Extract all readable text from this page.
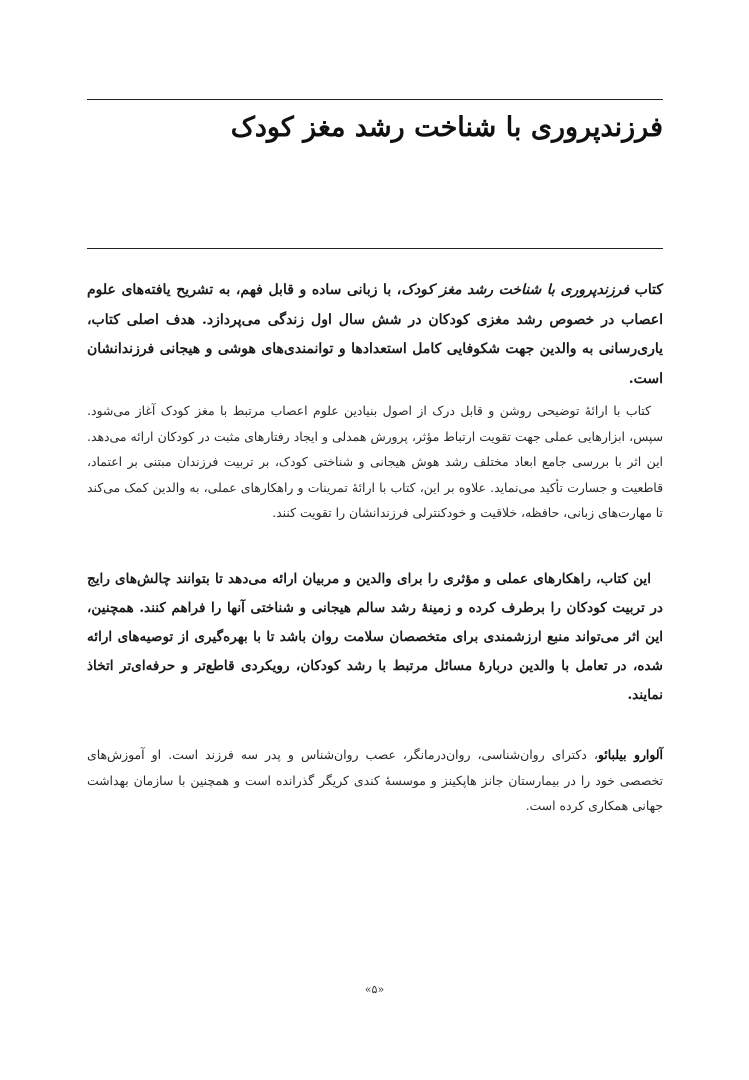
فرزندپروری با شناخت رشد مغز کودک

کتاب فرزندپروری با شناخت رشد مغز کودک، با زبانی ساده و قابل فهم، به تشریح یافته‌های علوم اعصاب در خصوص رشد مغزی کودکان در شش سال اول زندگی می‌پردازد. هدف اصلی کتاب، یاری‌رسانی به والدین جهت شکوفایی کامل استعدادها و توانمندی‌های هوشی و هیجانی فرزندانشان است.

کتاب با ارائهٔ توضیحی روشن و قابل درک از اصول بنیادین علوم اعصاب مرتبط با مغز کودک آغاز می‌شود. سپس، ابزارهایی عملی جهت تقویت ارتباط مؤثر، پرورش همدلی و ایجاد رفتارهای مثبت در کودکان ارائه می‌دهد. این اثر با بررسی جامع ابعاد مختلف رشد هوش هیجانی و شناختی کودک، بر تربیت فرزندان مبتنی بر اعتماد، قاطعیت و جسارت تأکید می‌نماید. علاوه بر این، کتاب با ارائهٔ تمرینات و راهکارهای عملی، به والدین کمک می‌کند تا مهارت‌های زبانی، حافظه، خلاقیت و خودکنترلی فرزندانشان را تقویت کنند.

این کتاب، راهکارهای عملی و مؤثری را برای والدین و مربیان ارائه می‌دهد تا بتوانند چالش‌های رایج در تربیت کودکان را برطرف کرده و زمینهٔ رشد سالم هیجانی و شناختی آنها را فراهم کنند. همچنین، این اثر می‌تواند منبع ارزشمندی برای متخصصان سلامت روان باشد تا با بهره‌گیری از توصیه‌های ارائه شده، در تعامل با والدین دربارهٔ مسائل مرتبط با رشد کودکان، رویکردی قاطع‌تر و حرفه‌ای‌تر اتخاذ نمایند.

آلوارو بیلبائو، دکترای روان‌شناسی، روان‌درمانگر، عصب روان‌شناس و پدر سه فرزند است. او آموزش‌های تخصصی خود را در بیمارستان جانز هاپکینز و موسسهٔ کندی کریگر گذرانده است و همچنین با سازمان بهداشت جهانی همکاری کرده است.

«۵»
